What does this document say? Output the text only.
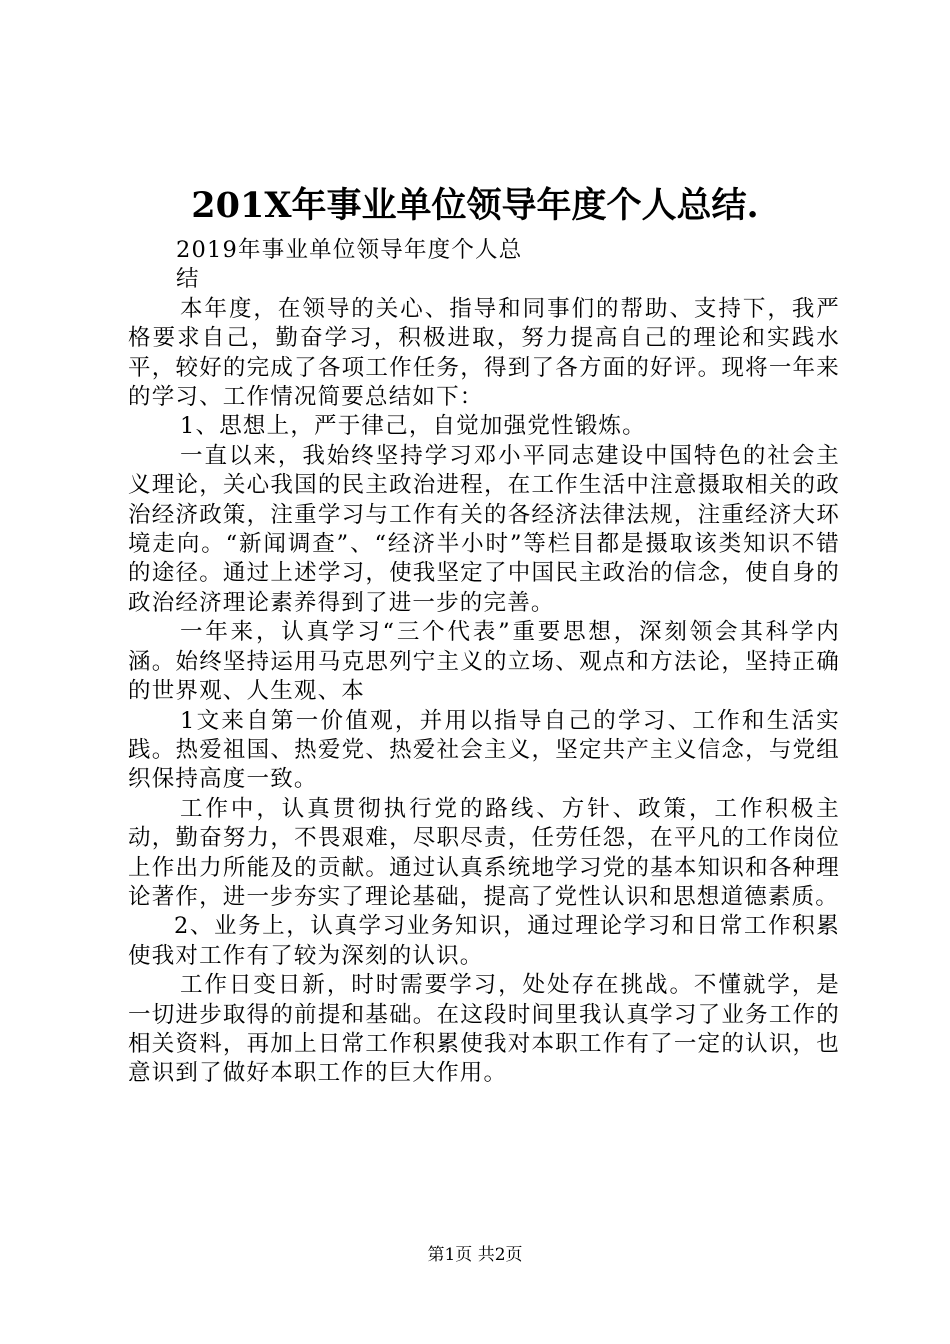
201X年事业单位领导年度个人总结.
2019年事业单位领导年度个人总
结

本年度，在领导的关心、指导和同事们的帮助、支持下，我严格要求自己，勤奋学习，积极进取，努力提高自己的理论和实践水平，较好的完成了各项工作任务，得到了各方面的好评。现将一年来的学习、工作情况简要总结如下：

1、思想上，严于律己，自觉加强党性锻炼。

一直以来，我始终坚持学习邓小平同志建设中国特色的社会主义理论，关心我国的民主政治进程，在工作生活中注意摄取相关的政治经济政策，注重学习与工作有关的各经济法律法规，注重经济大环境走向。“新闻调查”、“经济半小时”等栏目都是摄取该类知识不错的途径。通过上述学习，使我坚定了中国民主政治的信念，使自身的政治经济理论素养得到了进一步的完善。

一年来，认真学习“三个代表”重要思想，深刻领会其科学内涵。始终坚持运用马克思列宁主义的立场、观点和方法论，坚持正确的世界观、人生观、本

1文来自第一价值观，并用以指导自己的学习、工作和生活实践。热爱祖国、热爱党、热爱社会主义，坚定共产主义信念，与党组织保持高度一致。

工作中，认真贯彻执行党的路线、方针、政策，工作积极主动，勤奋努力，不畏艰难，尽职尽责，任劳任怨，在平凡的工作岗位上作出力所能及的贡献。通过认真系统地学习党的基本知识和各种理论著作，进一步夯实了理论基础，提高了党性认识和思想道德素质。

2、业务上，认真学习业务知识，通过理论学习和日常工作积累使我对工作有了较为深刻的认识。

工作日变日新，时时需要学习，处处存在挑战。不懂就学，是一切进步取得的前提和基础。在这段时间里我认真学习了业务工作的相关资料，再加上日常工作积累使我对本职工作有了一定的认识，也意识到了做好本职工作的巨大作用。

第1页 共2页
